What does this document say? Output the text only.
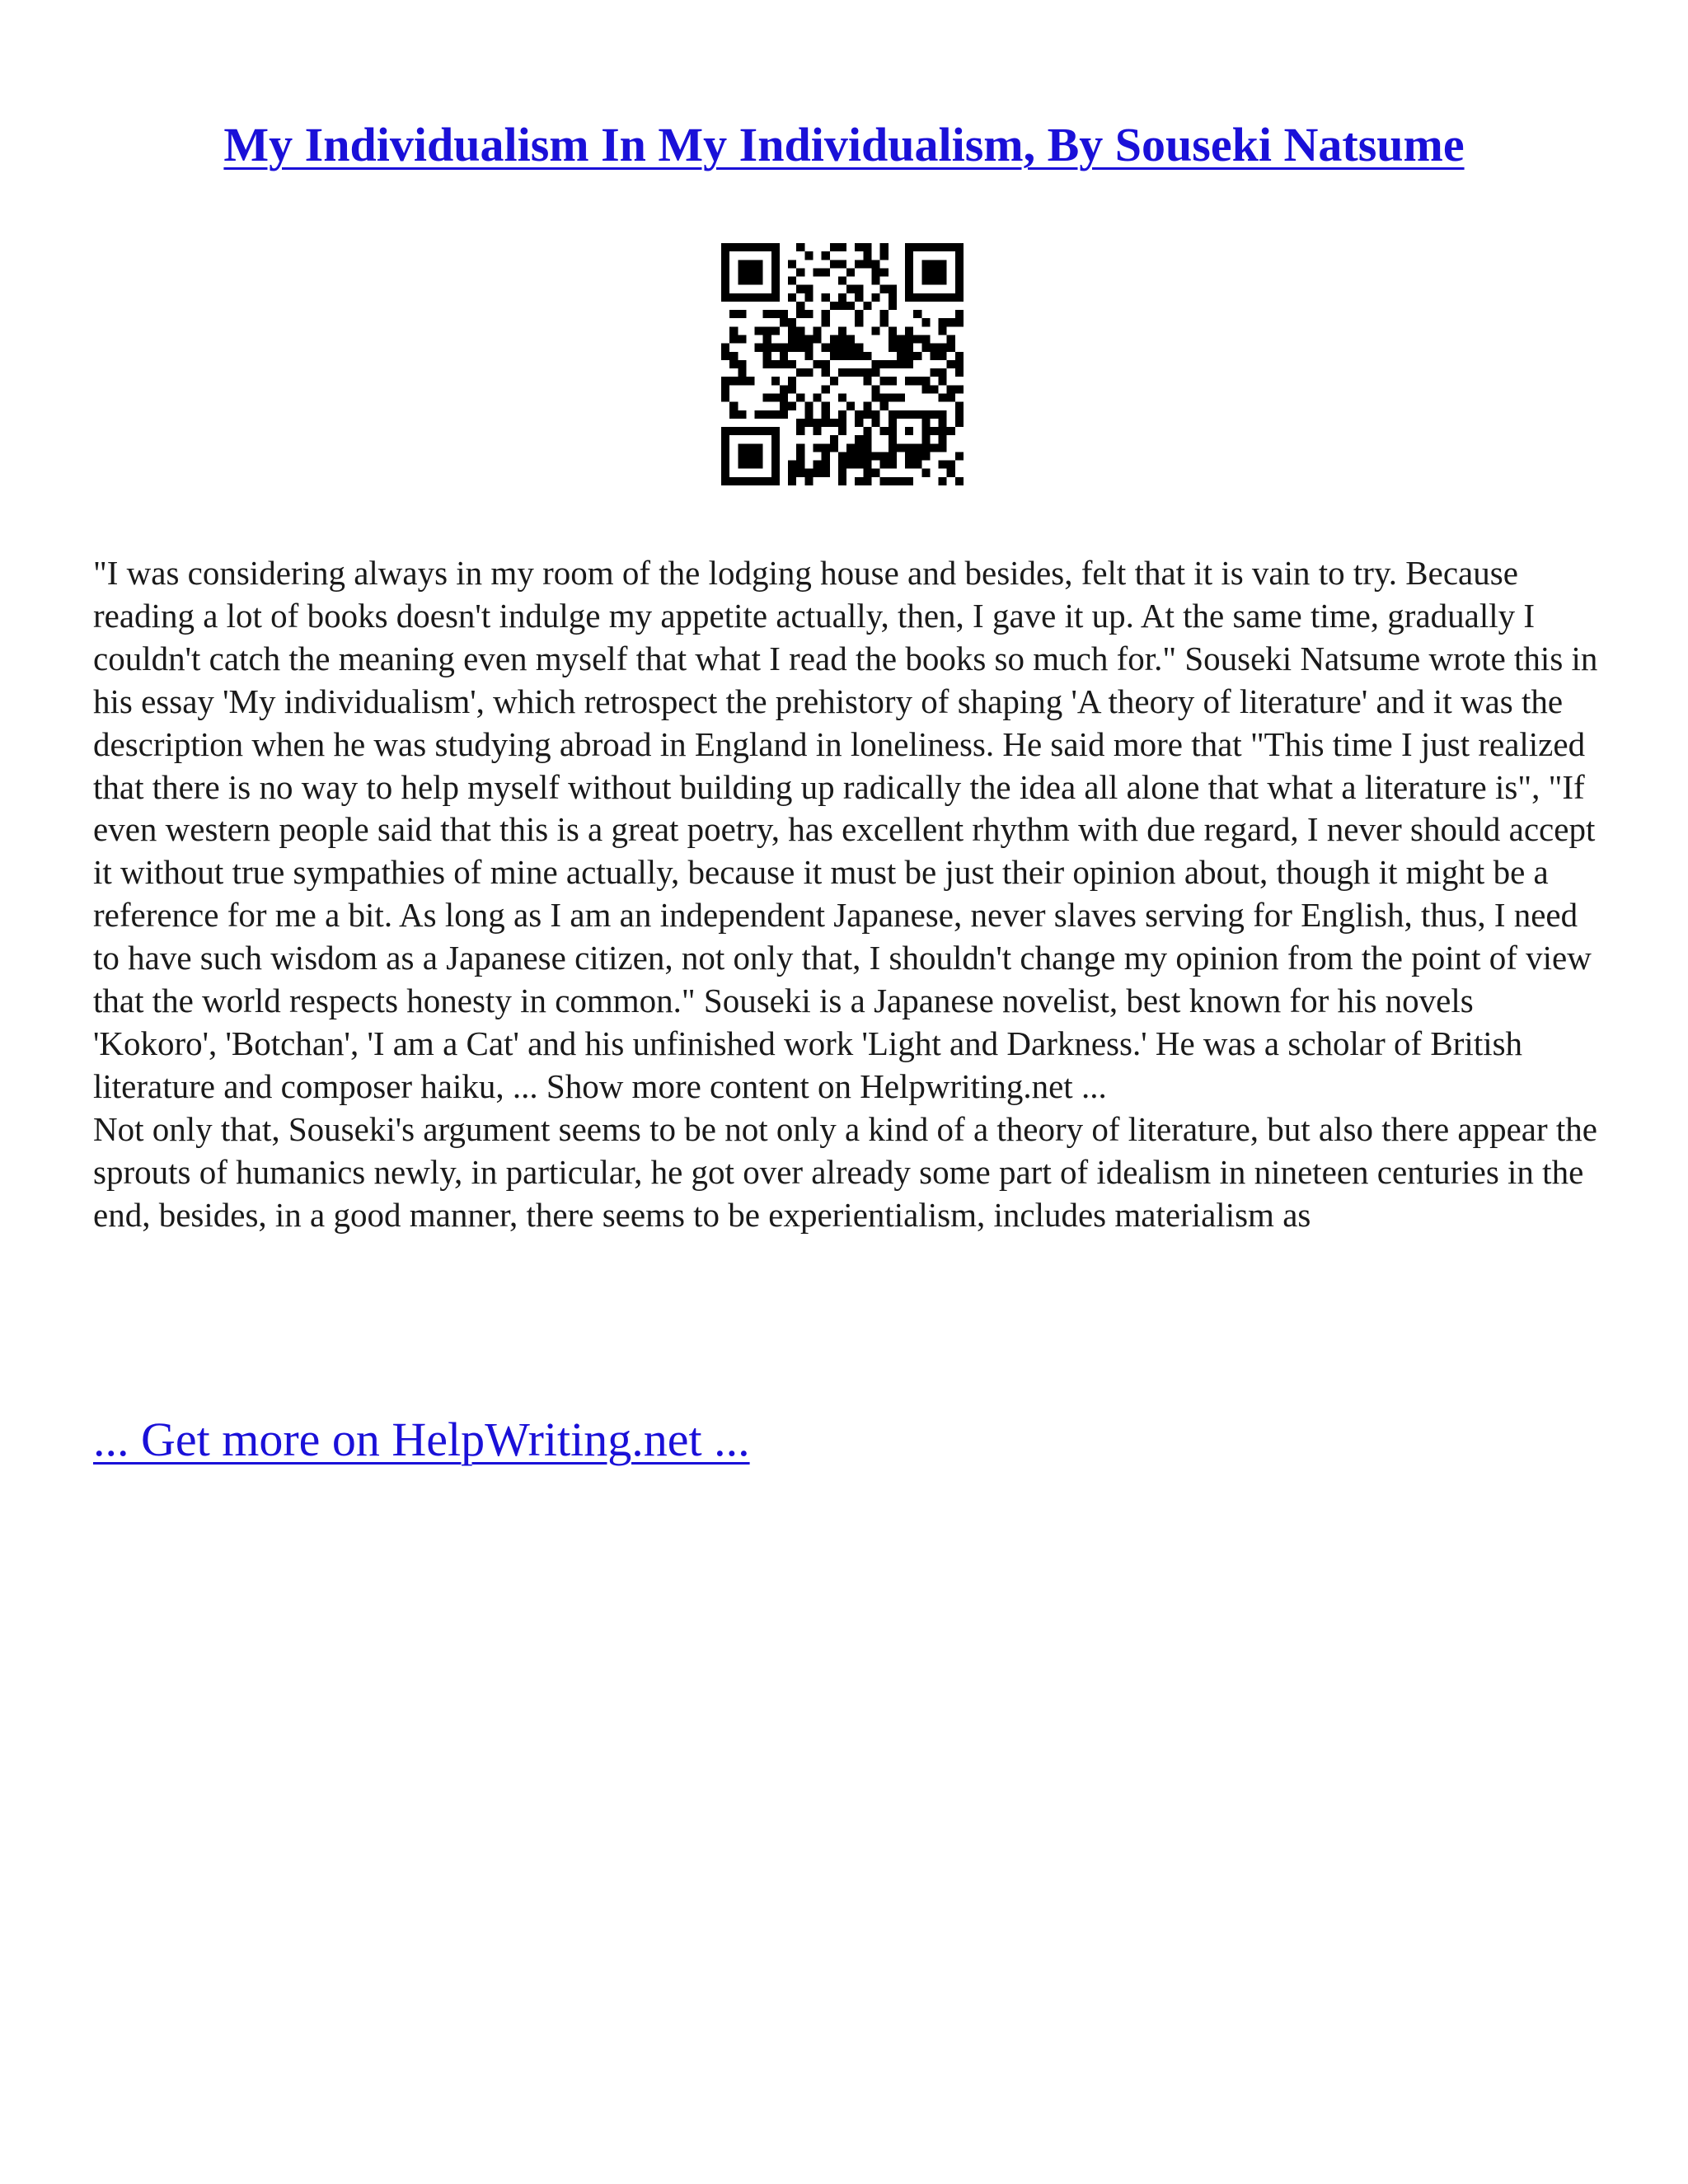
My Individualism In My Individualism, By Souseki Natsume

"I was considering always in my room of the lodging house and besides, felt that it is vain to try. Because reading a lot of books doesn't indulge my appetite actually, then, I gave it up. At the same time, gradually I couldn't catch the meaning even myself that what I read the books so much for." Souseki Natsume wrote this in his essay 'My individualism', which retrospect the prehistory of shaping 'A theory of literature' and it was the description when he was studying abroad in England in loneliness. He said more that "This time I just realized that there is no way to help myself without building up radically the idea all alone that what a literature is", "If even western people said that this is a great poetry, has excellent rhythm with due regard, I never should accept it without true sympathies of mine actually, because it must be just their opinion about, though it might be a reference for me a bit. As long as I am an independent Japanese, never slaves serving for English, thus, I need to have such wisdom as a Japanese citizen, not only that, I shouldn't change my opinion from the point of view that the world respects honesty in common." Souseki is a Japanese novelist, best known for his novels 'Kokoro', 'Botchan', 'I am a Cat' and his unfinished work 'Light and Darkness.' He was a scholar of British literature and composer haiku, ... Show more content on Helpwriting.net ...

Not only that, Souseki's argument seems to be not only a kind of a theory of literature, but also there appear the sprouts of humanics newly, in particular, he got over already some part of idealism in nineteen centuries in the end, besides, in a good manner, there seems to be experientialism, includes materialism as

... Get more on HelpWriting.net ...
